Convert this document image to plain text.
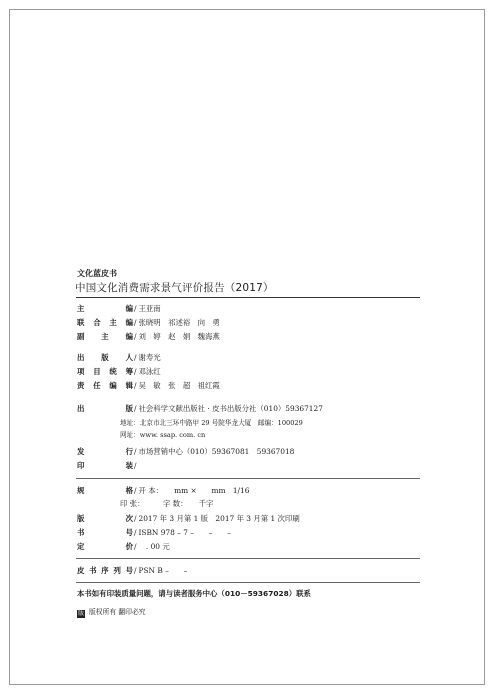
文化蓝皮书
中国文化消费需求景气评价报告（2017）
主　　编/ 王亚南
联合主编/ 张晓明　祁述裕　向　勇
副 主 编/ 刘　婷　赵　娟　魏海燕
出 版 人/ 谢寿光
项目统筹/ 邓泳红
责任编辑/ 吴　敏　张　超　祖红霞
出　　版/ 社会科学文献出版社 · 皮书出版分社（010）59367127
地址：北京市北三环中路甲 29 号院华龙大厦　邮编：100029
网址：www. ssap. com. cn
发　　行/ 市场营销中心（010）59367081　59367018
印　　装/
规　　格/ 开 本：　　mm ×　　mm　1/16
印 张：　　　字 数：　　千字
版　　次/ 2017 年 3 月第 1 版　2017 年 3 月第 1 次印刷
书　　号/ ISBN 978 – 7 –　　–　　–
定　　价/　. 00 元
皮书序列号/ PSN B –　　–
本书如有印装质量问题，请与读者服务中心（010－59367028）联系
版 版权所有 翻印必究
